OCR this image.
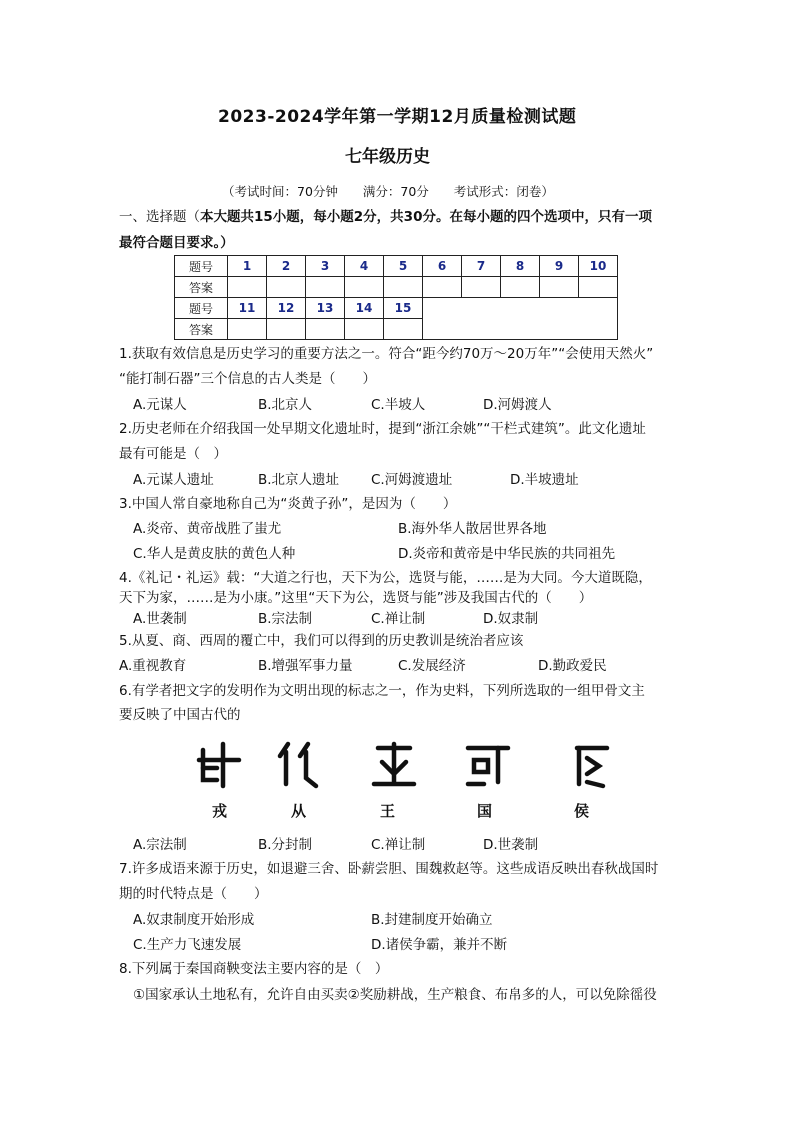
2023-2024学年第一学期12月质量检测试题
七年级历史
（考试时间：70分钟　　满分：70分　　考试形式：闭卷）
一、选择题（本大题共15小题，每小题2分，共30分。在每小题的四个选项中，只有一项
最符合题目要求。）
题号	1	2	3	4	5	6	7	8	9	10
答案										
题号	11	12	13	14	15					
答案										
1.获取有效信息是历史学习的重要方法之一。符合“距今约70万～20万年”“会使用天然火”
“能打制石器”三个信息的古人类是（　　）
A.元谋人	B.北京人	C.半坡人	D.河姆渡人
2.历史老师在介绍我国一处早期文化遗址时，提到“浙江余姚”“干栏式建筑”。此文化遗址
最有可能是（　）
A.元谋人遗址	B.北京人遗址 C.河姆渡遗址	D.半坡遗址
3.中国人常自豪地称自己为“炎黄子孙”，是因为（　　）
A.炎帝、黄帝战胜了蚩尤	B.海外华人散居世界各地
C.华人是黄皮肤的黄色人种	D.炎帝和黄帝是中华民族的共同祖先
4.《礼记・礼运》载：“大道之行也，天下为公，选贤与能，……是为大同。今大道既隐，
天下为家，……是为小康。”这里“天下为公，选贤与能”涉及我国古代的（　　）
A.世袭制	B.宗法制	C.禅让制	D.奴隶制
5.从夏、商、西周的覆亡中，我们可以得到的历史教训是统治者应该
A.重视教育	B.增强军事力量	C.发展经济	D.勤政爱民
6.有学者把文字的发明作为文明出现的标志之一，作为史料，下列所选取的一组甲骨文主
要反映了中国古代的
戎	从	王	国	侯
A.宗法制	B.分封制	C.禅让制	D.世袭制
7.许多成语来源于历史，如退避三舍、卧薪尝胆、围魏救赵等。这些成语反映出春秋战国时
期的时代特点是（　　）
A.奴隶制度开始形成	B.封建制度开始确立
C.生产力飞速发展	D.诸侯争霸，兼并不断
8.下列属于秦国商鞅变法主要内容的是（　）
①国家承认土地私有，允许自由买卖②奖励耕战，生产粮食、布帛多的人，可以免除徭役
